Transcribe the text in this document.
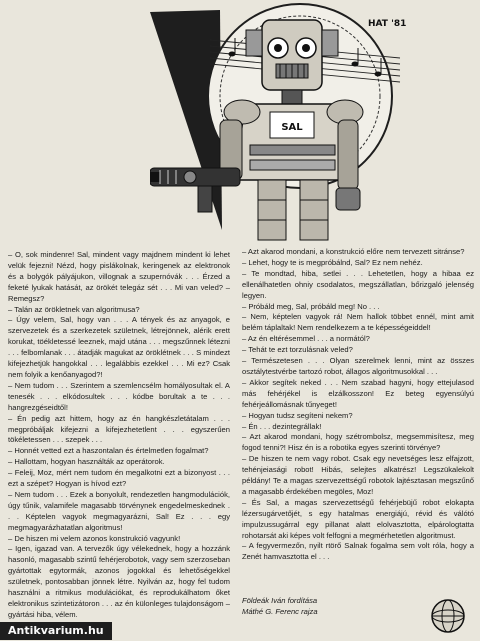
SAL
HAT '81

– O, sok mindenre! Sal, mindent vagy majdnem mindent ki lehet velük fejezni! Nézd, hogy pislákolnak, keringenek az elektronok és a bolygók pályájukon, villognak a szupernóvák . . . Érzed a feketé lyukak hatását, az örökét telegáz sét . . . Mi van veled? – Remegsz?

– Talán az örökletnek van algoritmusa?

– Úgy velem, Sal, hogy van . . . A tények és az anyagok, e szervezetek és a szerkezetek születnek, létrejönnek, alérik erett korukat, töékletessé leeznek, majd utána . . . megszűnnek létezni . . . felbomlanak . . . átadják magukat az öröklétnek . . . S mindezt kifejezhetjük hangokkal . . . legalábbis ezekkel . . . Mi ez? Csak nem folyik a kenőanyagod?!

– Nem tudom . . . Szerintem a szemlencsélm homályosultak el. A tenesék . . . elkódosultek . . . kódbe borultak a te . . . hangrezgéseidtől!

– Én pedig azt hittem, hogy az én hangkészletátalam . . . megpróbáljak kifejezni a kifejezhetetlent . . . egyszerűen tökéletessen . . . szepek . . .

– Honnét vetted ezt a haszontalan és értelmetlen fogalmat?

– Hallottam, hogyan használták az operátorok.

– Feleij, Moz, mért nem tudom én megalkotni ezt a bizonyost . . . ezt a szépet? Hogyan is hívod ezt?

– Nem tudom . . . Ezek a bonyolult, rendezetlen hangmodulációk, úgy tűnik, valamifele magasabb törvénynek engedelmeskednek . . . Képtelen vagyok megmagyarázni, Sal! Ez . . . egy megmagyarázhatatlan algoritmus!

– De hiszen mi velem azonos konstrukció vagyunk!

– Igen, igazad van. A tervezők úgy vélekednek, hogy a hozzánk hasonló, magasabb szintű fehérjerobotok, vagy sem szerzoseban gyártottak egytormák, azonos jogokkal és lehetőségekkel születnek, pontosabban jönnek létre. Nyilván az, hogy fel tudom használni a ritmikus modulációkat, és reprodukálhatom őket elektronikus szintetizátoron . . . az én külonleges tulajdonságom – gyártási hiba, vélem.

– Azt akarod mondani, a konstrukció előre nem tervezett sitránse?

– Lehet, hogy te is megpróbálnd, Sal? Ez nem nehéz.

– Te mondtad, hiba, setlei . . . Lehetetlen, hogy a hibaa ez ellenálhatetlen ohniy csodalatos, megszállatlan, bőrizgaló jelenség legyen.

– Próbáld meg, Sal, próbáld meg! No . . .

– Nem, képtelen vagyok rá! Nem hallok többet ennél, mint amit belém táplaltak! Nem rendelkezem a te képességeiddel!

– Az én eltérésemmel . . . a normától?

– Tehát te ezt torzulásnak veled?

– Természetesen . . . Olyan szerelmek lenni, mint az összes osztálytestvérbe tartozó robot, állagos algoritmusokkal . . .

– Akkor segítek neked . . . Nem szabad hagyni, hogy ettejulasod más fehérjékel is elzálkosszon! Ez beteg egyensúlyú fehérjeállomásnak tűnyeget!

– Hogyan tudsz segíteni nekem?

– Én . . . dezintegrállak!

– Azt akarod mondani, hogy szétrombolsz, megsemmisítesz, meg fogod tenni?! Hisz én is a robotika egyes szerinti törvénye?

– De hiszen te nem vagy robot. Csak egy nevetséges lesz elfajzott, tehénjeiasági robot! Hibás, selejtes alkatrész! Legszükalekolt példány! Te a magas szervezettségű robotok lajtésztasan megszűnő a magasabb érdekében megöles, Moz!

– És Sal, a magas szervezettségű fehérjebüjű robot elokapta lézersugárvetőjét, s egy hatalmas energiájú, révid és válótó impulzussugárral egy pillanat alatt elolvasztotta, elpárologtatta rohotarsát aki képes volt felfogni a megmérhetetlen algoritmust.

– A fegyvermezőn, nyilt rtörő Salnak fogalma sem volt róla, hogy a Zenét hamvasztotta el . . .

Földeák Iván fordítása
Máthé G. Ferenc rajza
Antikvarium.hu
